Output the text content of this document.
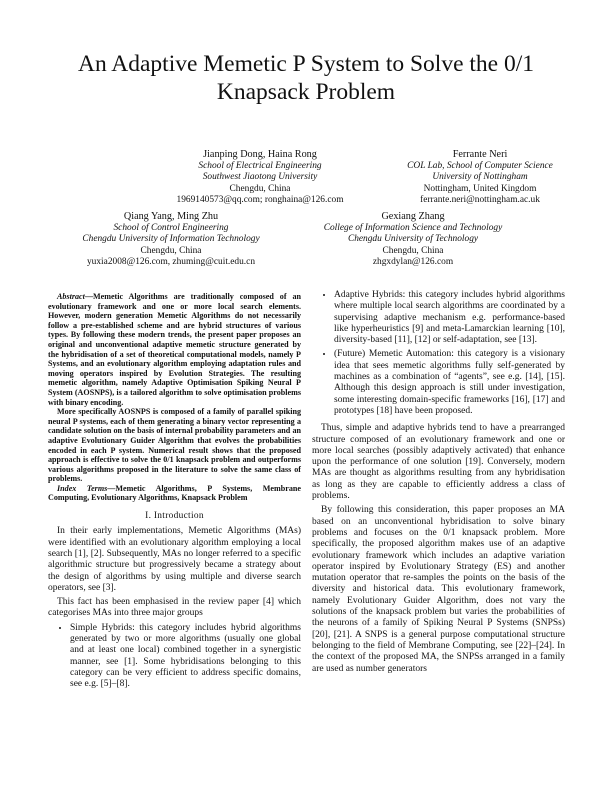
An Adaptive Memetic P System to Solve the 0/1 Knapsack Problem
Jianping Dong, Haina Rong
School of Electrical Engineering
Southwest Jiaotong University
Chengdu, China
1969140573@qq.com; ronghaina@126.com
Ferrante Neri
COL Lab, School of Computer Science
University of Nottingham
Nottingham, United Kingdom
ferrante.neri@nottingham.ac.uk
Qiang Yang, Ming Zhu
School of Control Engineering
Chengdu University of Information Technology
Chengdu, China
yuxia2008@126.com, zhuming@cuit.edu.cn
Gexiang Zhang
College of Information Science and Technology
Chengdu University of Technology
Chengdu, China
zhgxdylan@126.com

Abstract—Memetic Algorithms are traditionally composed of an evolutionary framework and one or more local search elements. However, modern generation Memetic Algorithms do not necessarily follow a pre-established scheme and are hybrid structures of various types. By following these modern trends, the present paper proposes an original and unconventional adaptive memetic structure generated by the hybridisation of a set of theoretical computational models, namely P Systems, and an evolutionary algorithm employing adaptation rules and moving operators inspired by Evolution Strategies. The resulting memetic algorithm, namely Adaptive Optimisation Spiking Neural P System (AOSNPS), is a tailored algorithm to solve optimisation problems with binary encoding.

More specifically AOSNPS is composed of a family of parallel spiking neural P systems, each of them generating a binary vector representing a candidate solution on the basis of internal probability parameters and an adaptive Evolutionary Guider Algorithm that evolves the probabilities encoded in each P system. Numerical result shows that the proposed approach is effective to solve the 0/1 knapsack problem and outperforms various algorithms proposed in the literature to solve the same class of problems.

Index Terms—Memetic Algorithms, P Systems, Membrane Computing, Evolutionary Algorithms, Knapsack Problem

I. Introduction

In their early implementations, Memetic Algorithms (MAs) were identified with an evolutionary algorithm employing a local search [1], [2]. Subsequently, MAs no longer referred to a specific algorithmic structure but progressively became a strategy about the design of algorithms by using multiple and diverse search operators, see [3].

This fact has been emphasised in the review paper [4] which categorises MAs into three major groups

• Simple Hybrids: this category includes hybrid algorithms generated by two or more algorithms (usually one global and at least one local) combined together in a synergistic manner, see [1]. Some hybridisations belonging to this category can be very efficient to address specific domains, see e.g. [5]–[8].
• Adaptive Hybrids: this category includes hybrid algorithms where multiple local search algorithms are coordinated by a supervising adaptive mechanism e.g. performance-based like hyperheuristics [9] and meta-Lamarckian learning [10], diversity-based [11], [12] or self-adaptation, see [13].
• (Future) Memetic Automation: this category is a visionary idea that sees memetic algorithms fully self-generated by machines as a combination of “agents”, see e.g. [14], [15]. Although this design approach is still under investigation, some interesting domain-specific frameworks [16], [17] and prototypes [18] have been proposed.

Thus, simple and adaptive hybrids tend to have a prearranged structure composed of an evolutionary framework and one or more local searches (possibly adaptively activated) that enhance upon the performance of one solution [19]. Conversely, modern MAs are thought as algorithms resulting from any hybridisation as long as they are capable to efficiently address a class of problems.

By following this consideration, this paper proposes an MA based on an unconventional hybridisation to solve binary problems and focuses on the 0/1 knapsack problem. More specifically, the proposed algorithm makes use of an adaptive evolutionary framework which includes an adaptive variation operator inspired by Evolutionary Strategy (ES) and another mutation operator that re-samples the points on the basis of the diversity and historical data. This evolutionary framework, namely Evolutionary Guider Algorithm, does not vary the solutions of the knapsack problem but varies the probabilities of the neurons of a family of Spiking Neural P Systems (SNPSs) [20], [21]. A SNPS is a general purpose computational structure belonging to the field of Membrane Computing, see [22]–[24]. In the context of the proposed MA, the SNPSs arranged in a family are used as number generators
